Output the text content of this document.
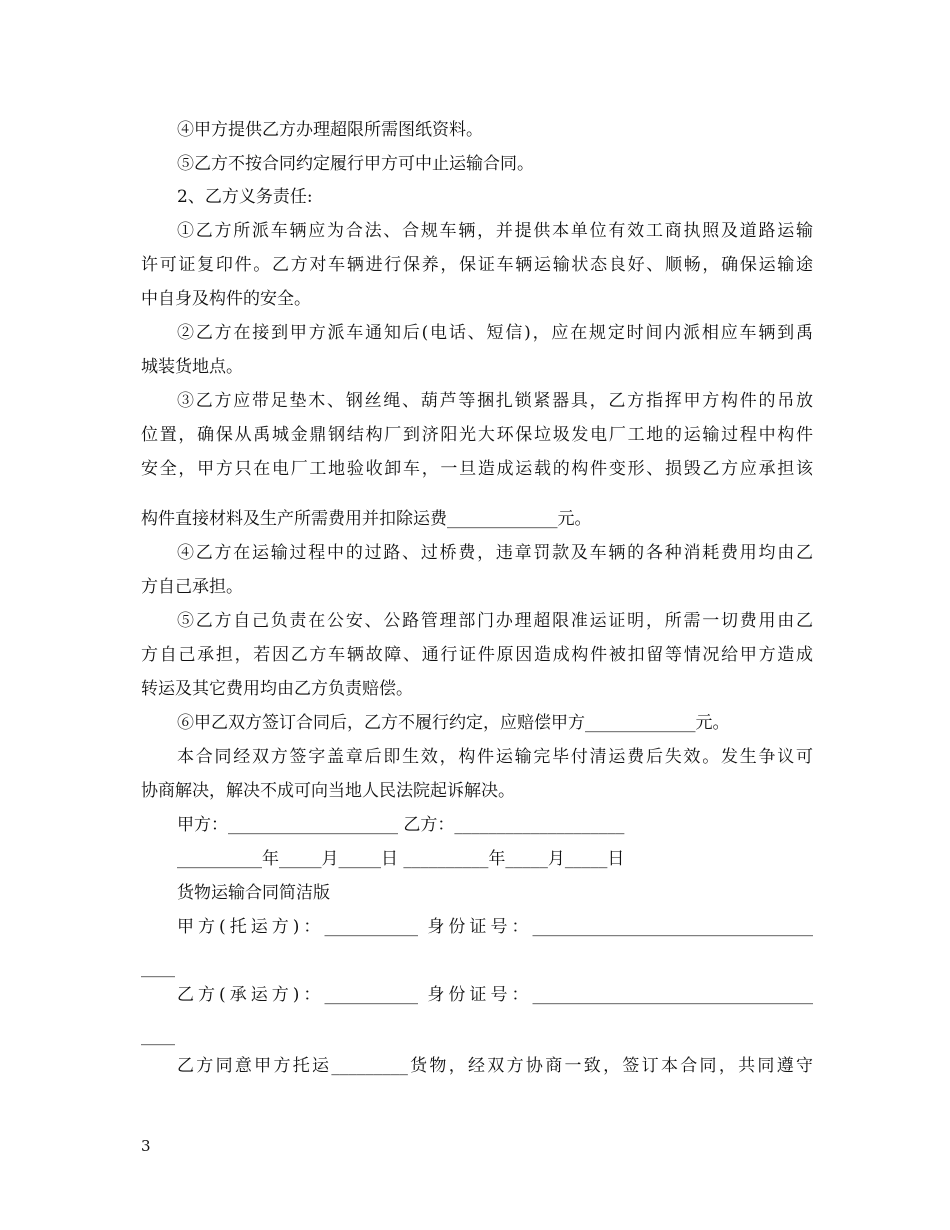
④甲方提供乙方办理超限所需图纸资料。
⑤乙方不按合同约定履行甲方可中止运输合同。
2、乙方义务责任:
①乙方所派车辆应为合法、合规车辆，并提供本单位有效工商执照及道路运输
许可证复印件。乙方对车辆进行保养，保证车辆运输状态良好、顺畅，确保运输途
中自身及构件的安全。
②乙方在接到甲方派车通知后(电话、短信)，应在规定时间内派相应车辆到禹
城装货地点。
③乙方应带足垫木、钢丝绳、葫芦等捆扎锁紧器具，乙方指挥甲方构件的吊放
位置，确保从禹城金鼎钢结构厂到济阳光大环保垃圾发电厂工地的运输过程中构件
安全，甲方只在电厂工地验收卸车，一旦造成运载的构件变形、损毁乙方应承担该
构件直接材料及生产所需费用并扣除运费_____________元。
④乙方在运输过程中的过路、过桥费，违章罚款及车辆的各种消耗费用均由乙
方自己承担。
⑤乙方自己负责在公安、公路管理部门办理超限准运证明，所需一切费用由乙
方自己承担，若因乙方车辆故障、通行证件原因造成构件被扣留等情况给甲方造成
转运及其它费用均由乙方负责赔偿。
⑥甲乙双方签订合同后，乙方不履行约定，应赔偿甲方_____________元。
本合同经双方签字盖章后即生效，构件运输完毕付清运费后失效。发生争议可
协商解决，解决不成可向当地人民法院起诉解决。
甲方：____________________ 乙方：____________________
__________年_____月_____日 __________年_____月_____日
货物运输合同简洁版
甲方(托运方)：___________ 身份证号：_________________________________
____
乙方(承运方)：___________ 身份证号：_________________________________
____
乙方同意甲方托运_________货物，经双方协商一致，签订本合同，共同遵守
3
